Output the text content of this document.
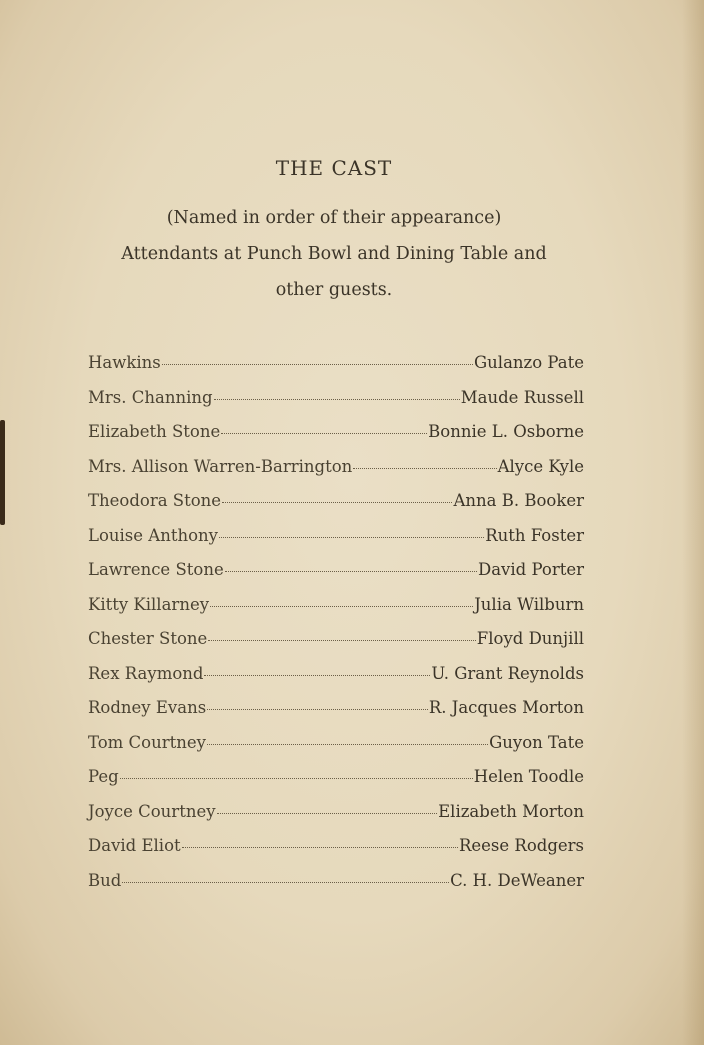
THE CAST
(Named in order of their appearance)
Attendants at Punch Bowl and Dining Table and
other guests.
Hawkins	Gulanzo Pate
Mrs. Channing	Maude Russell
Elizabeth Stone	Bonnie L. Osborne
Mrs. Allison Warren-Barrington	Alyce Kyle
Theodora Stone	Anna B. Booker
Louise Anthony	Ruth Foster
Lawrence Stone	David Porter
Kitty Killarney	Julia Wilburn
Chester Stone	Floyd Dunjill
Rex Raymond	U. Grant Reynolds
Rodney Evans	R. Jacques Morton
Tom Courtney	Guyon Tate
Peg	Helen Toodle
Joyce Courtney	Elizabeth Morton
David Eliot	Reese Rodgers
Bud	C. H. DeWeaner
